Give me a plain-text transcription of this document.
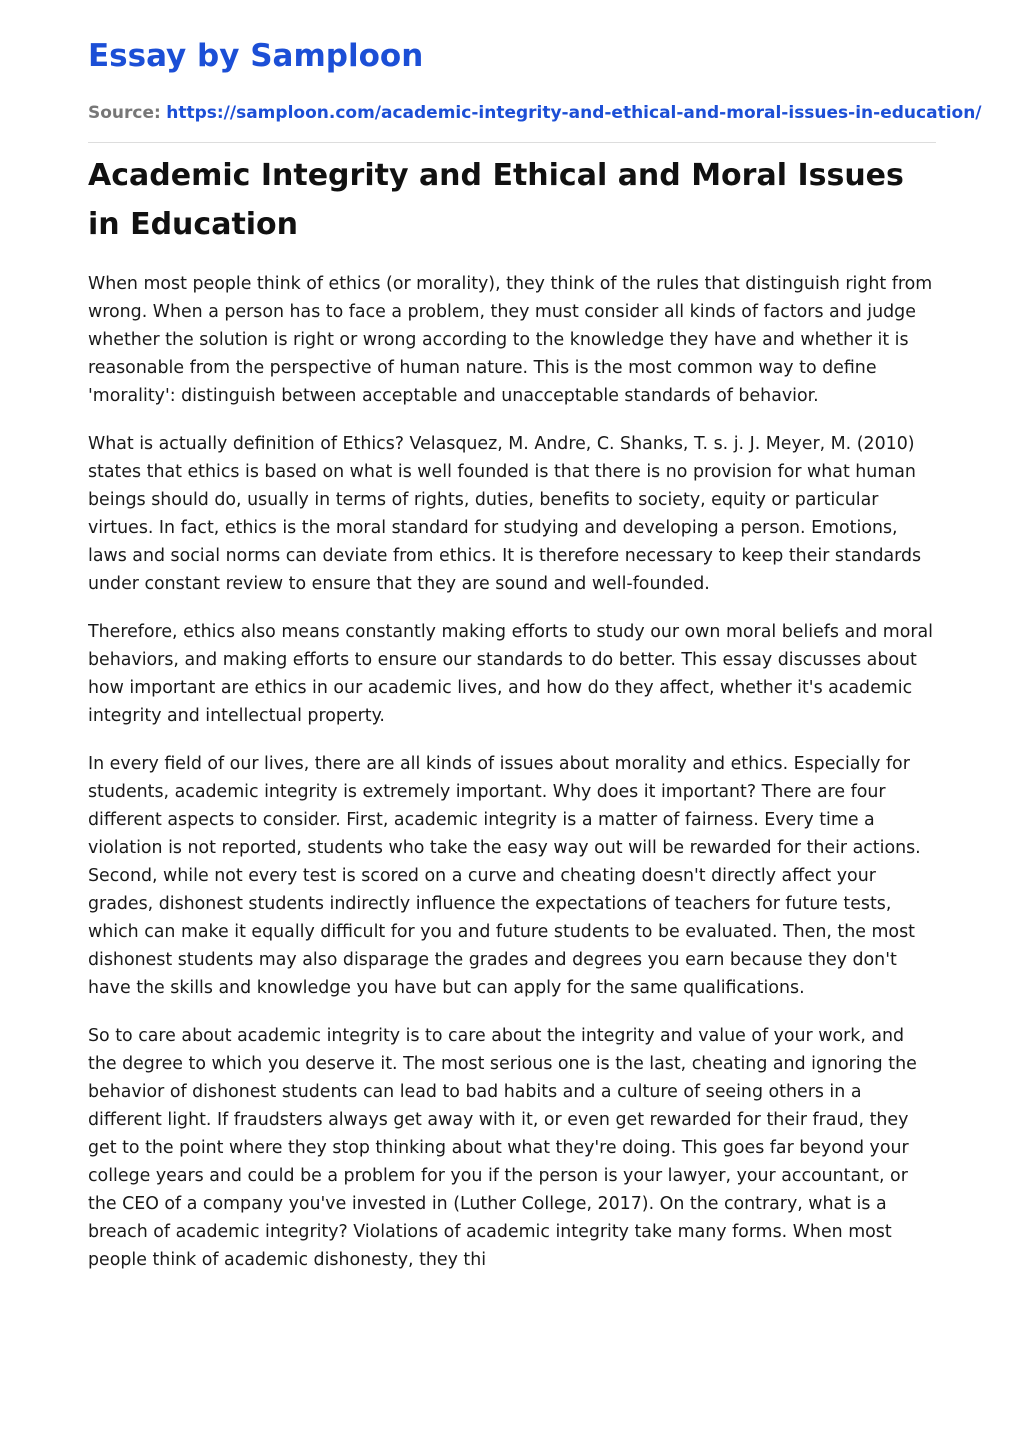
Essay by Samploon
Source: https://samploon.com/academic-integrity-and-ethical-and-moral-issues-in-education/
Academic Integrity and Ethical and Moral Issues in Education

When most people think of ethics (or morality), they think of the rules that distinguish right from wrong. When a person has to face a problem, they must consider all kinds of factors and judge whether the solution is right or wrong according to the knowledge they have and whether it is reasonable from the perspective of human nature. This is the most common way to define 'morality': distinguish between acceptable and unacceptable standards of behavior.

What is actually definition of Ethics? Velasquez, M. Andre, C. Shanks, T. s. j. J. Meyer, M. (2010) states that ethics is based on what is well founded is that there is no provision for what human beings should do, usually in terms of rights, duties, benefits to society, equity or particular virtues. In fact, ethics is the moral standard for studying and developing a person. Emotions, laws and social norms can deviate from ethics. It is therefore necessary to keep their standards under constant review to ensure that they are sound and well-founded.

Therefore, ethics also means constantly making efforts to study our own moral beliefs and moral behaviors, and making efforts to ensure our standards to do better. This essay discusses about how important are ethics in our academic lives, and how do they affect, whether it's academic integrity and intellectual property.

In every field of our lives, there are all kinds of issues about morality and ethics. Especially for students, academic integrity is extremely important. Why does it important? There are four different aspects to consider. First, academic integrity is a matter of fairness. Every time a violation is not reported, students who take the easy way out will be rewarded for their actions. Second, while not every test is scored on a curve and cheating doesn't directly affect your grades, dishonest students indirectly influence the expectations of teachers for future tests, which can make it equally difficult for you and future students to be evaluated. Then, the most dishonest students may also disparage the grades and degrees you earn because they don't have the skills and knowledge you have but can apply for the same qualifications.

So to care about academic integrity is to care about the integrity and value of your work, and the degree to which you deserve it. The most serious one is the last, cheating and ignoring the behavior of dishonest students can lead to bad habits and a culture of seeing others in a different light. If fraudsters always get away with it, or even get rewarded for their fraud, they get to the point where they stop thinking about what they're doing. This goes far beyond your college years and could be a problem for you if the person is your lawyer, your accountant, or the CEO of a company you've invested in (Luther College, 2017). On the contrary, what is a breach of academic integrity? Violations of academic integrity take many forms. When most people think of academic dishonesty, they thi
